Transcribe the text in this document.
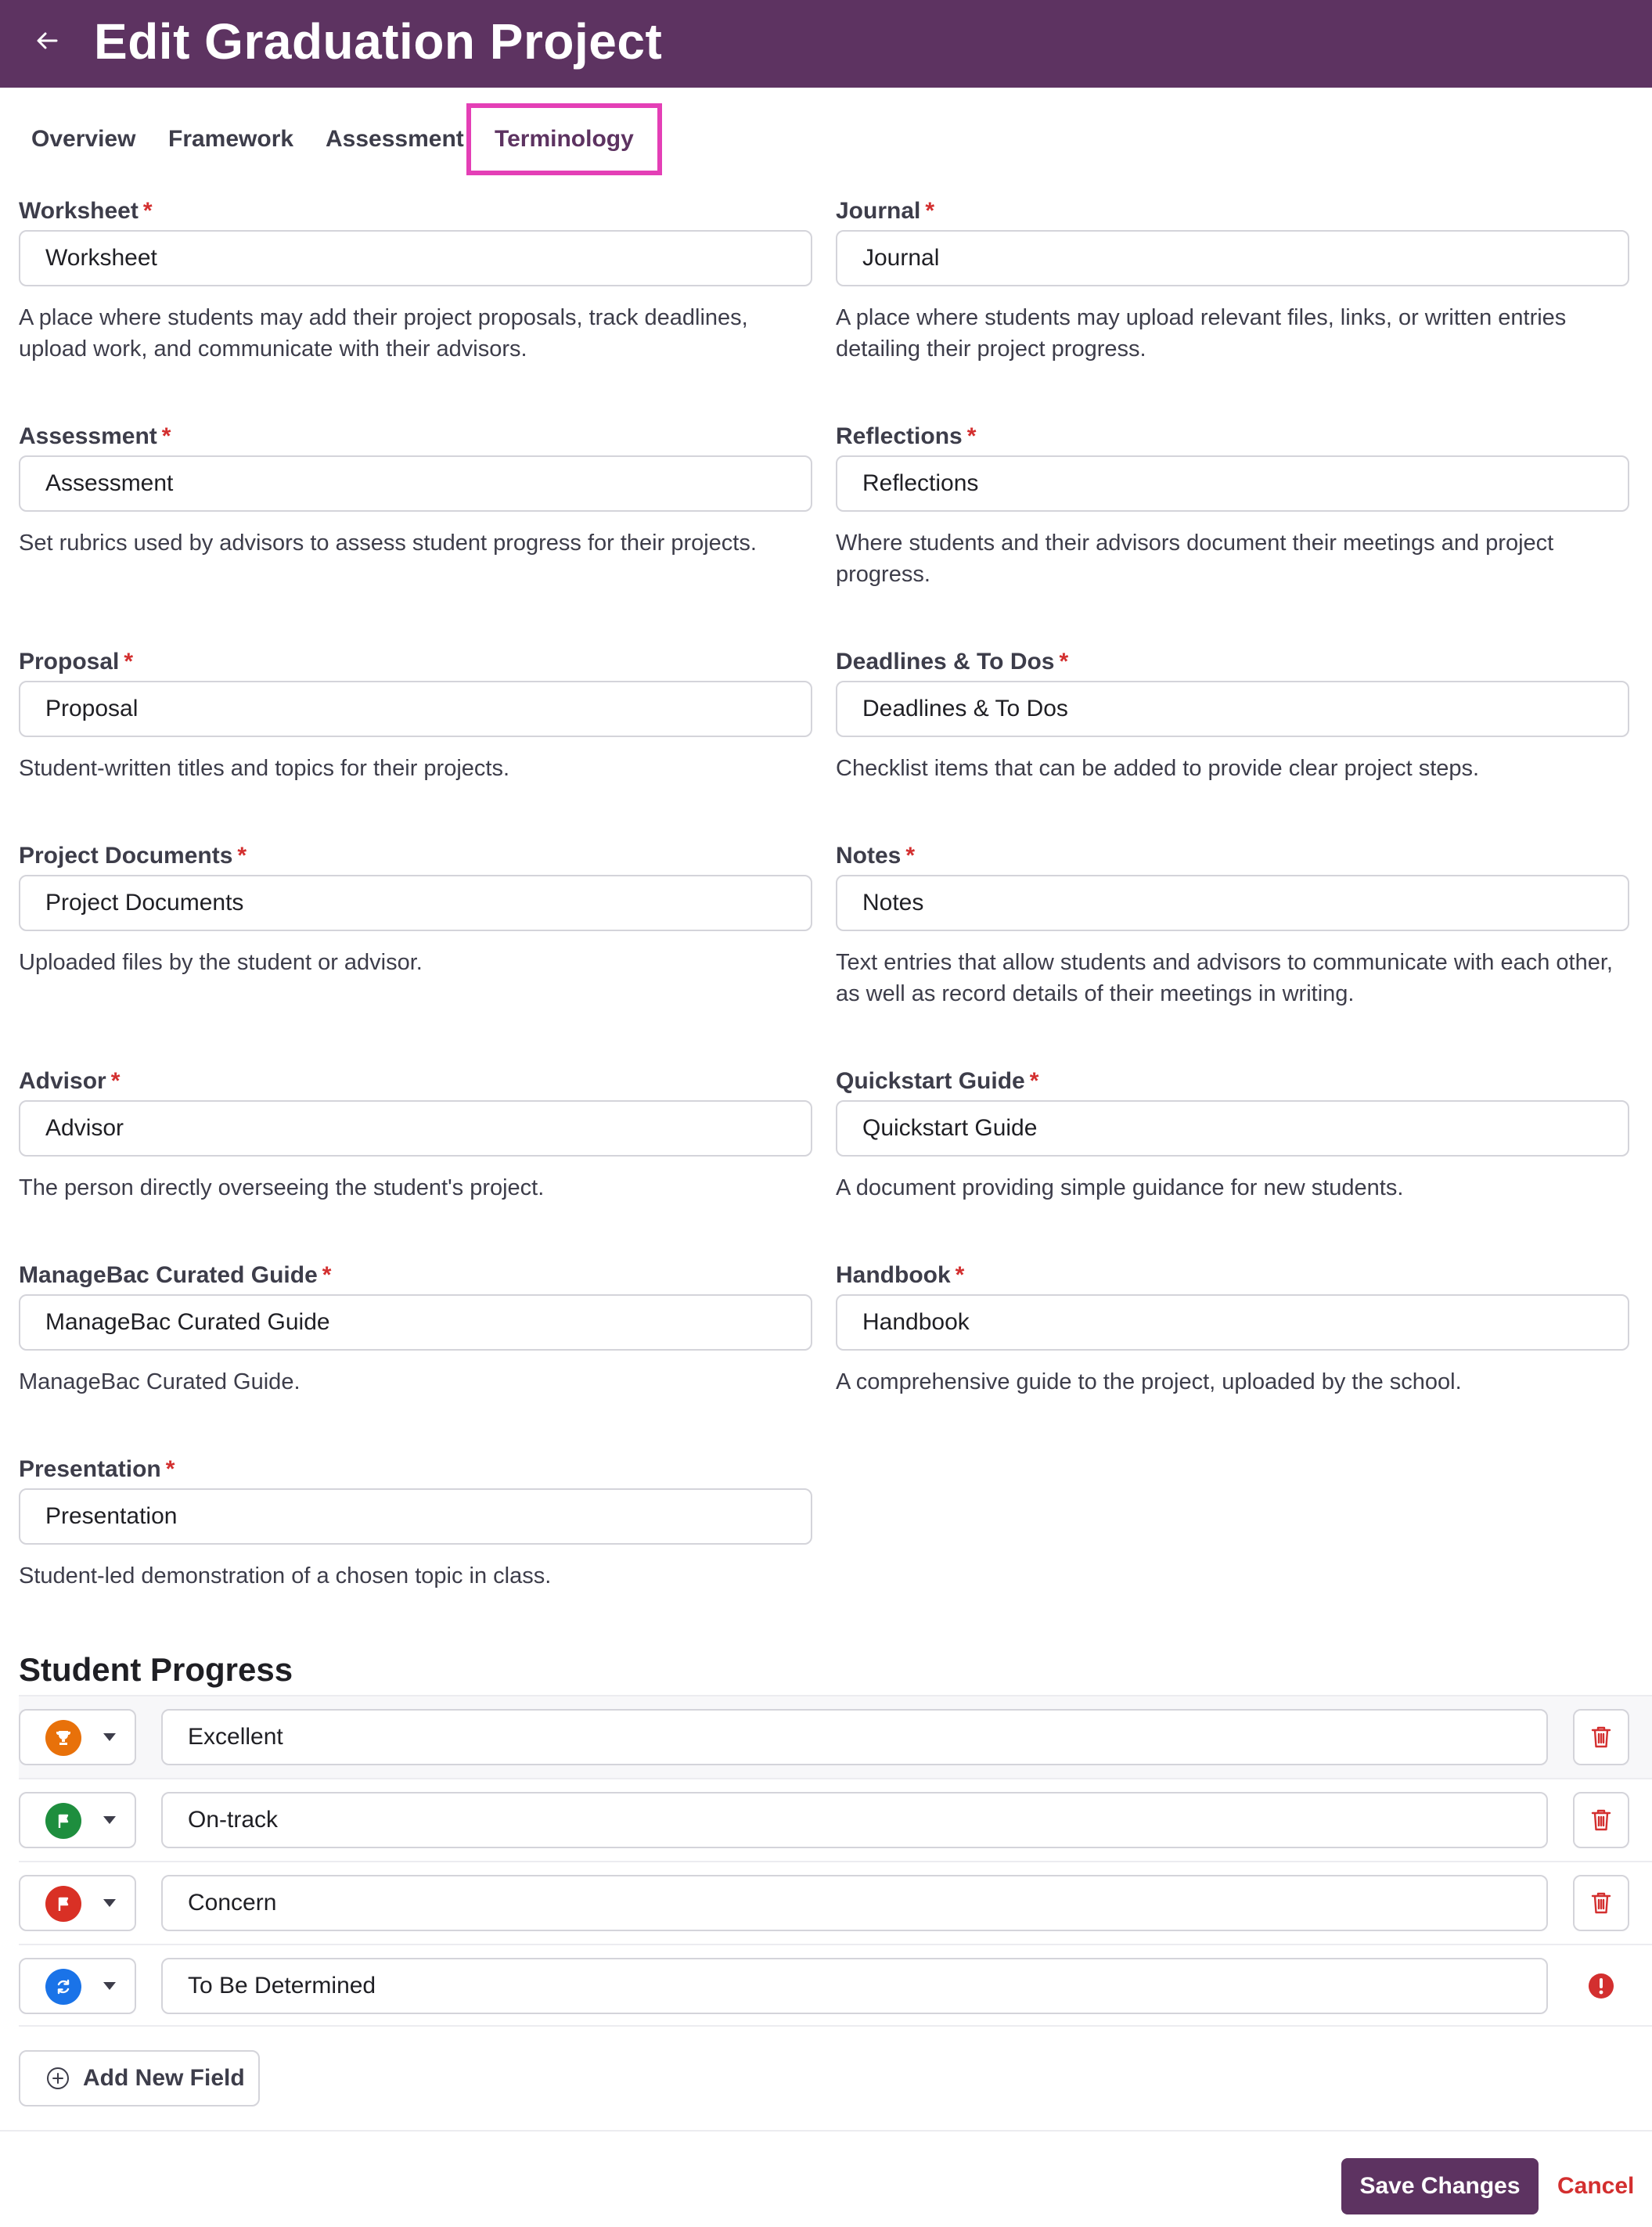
Edit Graduation Project
Overview Framework Assessment	Terminology
Worksheet *
Worksheet
A place where students may add their project proposals, track deadlines, upload work, and communicate with their advisors.
Assessment *
Assessment
Set rubrics used by advisors to assess student progress for their projects.
Proposal *
Proposal
Student-written titles and topics for their projects.
Project Documents *
Project Documents
Uploaded files by the student or advisor.
Advisor *
Advisor
The person directly overseeing the student's project.
ManageBac Curated Guide *
ManageBac Curated Guide
ManageBac Curated Guide.
Presentation *
Presentation
Student-led demonstration of a chosen topic in class.
Journal *
Journal
A place where students may upload relevant files, links, or written entries detailing their project progress.
Reflections *
Reflections
Where students and their advisors document their meetings and project progress.
Deadlines & To Dos *
Deadlines & To Dos
Checklist items that can be added to provide clear project steps.
Notes *
Notes
Text entries that allow students and advisors to communicate with each other, as well as record details of their meetings in writing.
Quickstart Guide *
Quickstart Guide
A document providing simple guidance for new students.
Handbook *
Handbook
A comprehensive guide to the project, uploaded by the school.
Student Progress
Excellent
On-track
Concern
To Be Determined
Add New Field
Save Changes	Cancel
